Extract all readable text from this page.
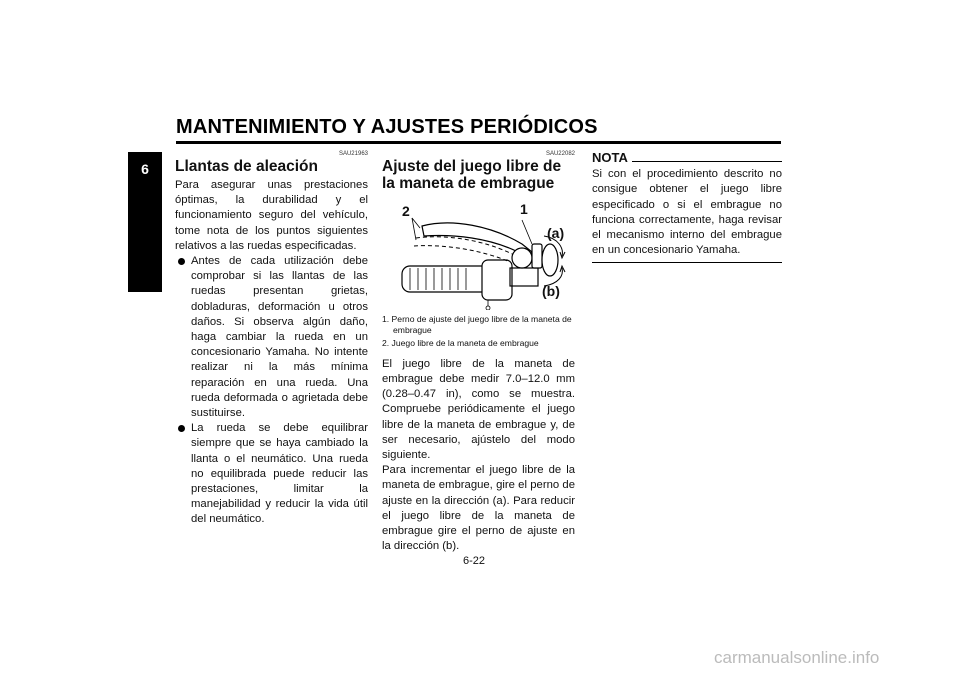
MANTENIMIENTO Y AJUSTES PERIÓDICOS
6
SAU21963
Llantas de aleación

Para asegurar unas prestaciones óptimas, la durabilidad y el funcionamiento seguro del vehículo, tome nota de los puntos siguientes relativos a las ruedas especificadas.

Antes de cada utilización debe comprobar si las llantas de las ruedas presentan grietas, dobladuras, deformación u otros daños. Si observa algún daño, haga cambiar la rueda en un concesionario Yamaha. No intente realizar ni la más mínima reparación en una rueda. Una rueda deformada o agrietada debe sustituirse.
La rueda se debe equilibrar siempre que se haya cambiado la llanta o el neumático. Una rueda no equilibrada puede reducir las prestaciones, limitar la manejabilidad y reducir la vida útil del neumático.
SAU22082
Ajuste del juego libre de la maneta de embrague
2	1
(a)
(b)
1. Perno de ajuste del juego libre de la maneta de embrague
2. Juego libre de la maneta de embrague

El juego libre de la maneta de embrague debe medir 7.0–12.0 mm (0.28–0.47 in), como se muestra. Compruebe periódicamente el juego libre de la maneta de embrague y, de ser necesario, ajústelo del modo siguiente.

Para incrementar el juego libre de la maneta de embrague, gire el perno de ajuste en la dirección (a). Para reducir el juego libre de la maneta de embrague gire el perno de ajuste en la dirección (b).

NOTA

Si con el procedimiento descrito no consigue obtener el juego libre especificado o si el embrague no funciona correctamente, haga revisar el mecanismo interno del embrague en un concesionario Yamaha.

6-22
carmanualsonline.info
